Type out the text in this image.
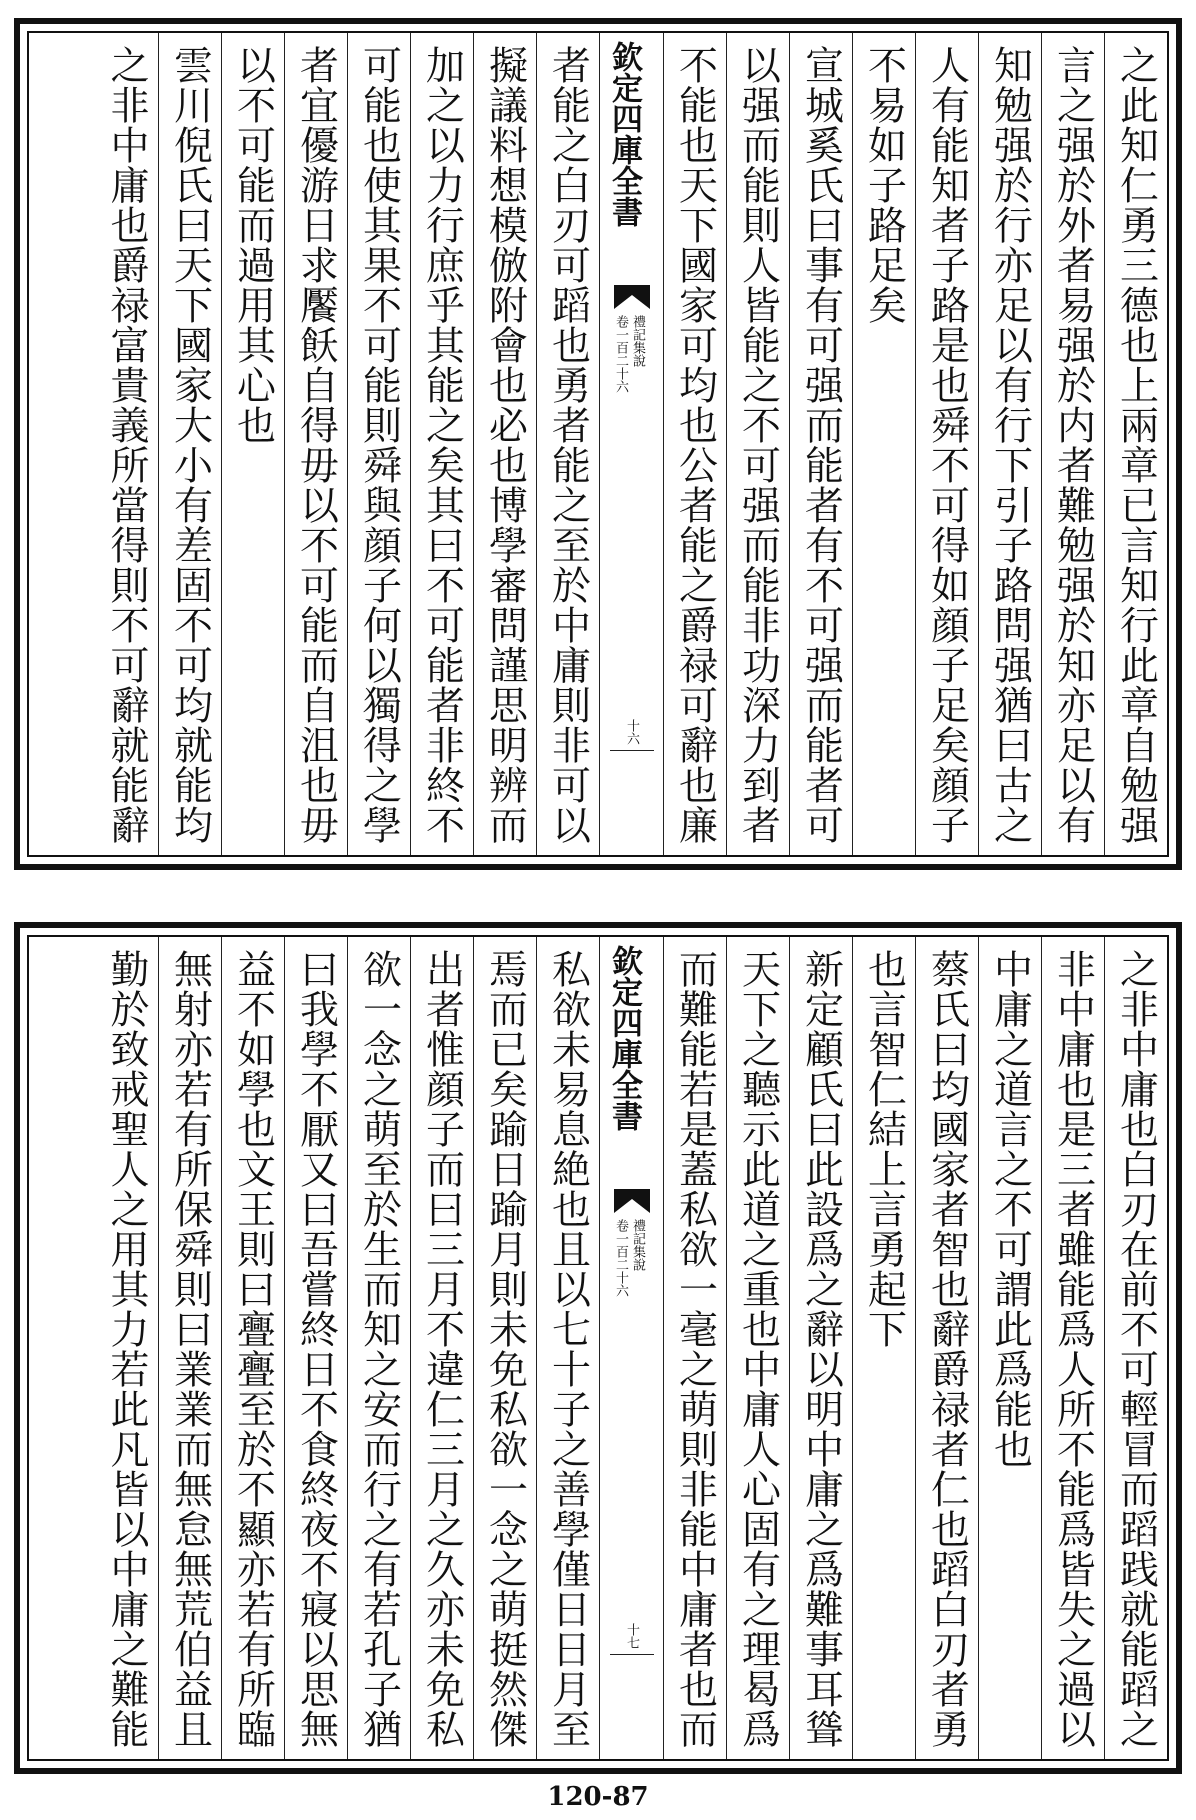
之此知仁勇三德也上兩章已言知行此章自勉强
言之强於外者易强於内者難勉强於知亦足以有
知勉强於行亦足以有行下引子路問强猶曰古之
人有能知者子路是也舜不可得如顔子足矣顔子
不易如子路足矣
宣城奚氏曰事有可强而能者有不可强而能者可
以强而能則人皆能之不可强而能非功深力到者
不能也天下國家可均也公者能之爵禄可辭也廉
欽定四庫全書
禮記集說
卷一百二十六
十六
者能之白刃可蹈也勇者能之至於中庸則非可以
擬議料想模倣附會也必也博學審問謹思明辨而
加之以力行庶乎其能之矣其曰不可能者非終不
可能也使其果不可能則舜與顔子何以獨得之學
者宜優游日求饜飫自得毋以不可能而自沮也毋
以不可能而過用其心也
雲川倪氏曰天下國家大小有差固不可均就能均
之非中庸也爵禄富貴義所當得則不可辭就能辭
之非中庸也白刃在前不可輕冒而蹈践就能蹈之
非中庸也是三者雖能爲人所不能爲皆失之過以
中庸之道言之不可謂此爲能也
蔡氏曰均國家者智也辭爵禄者仁也蹈白刃者勇
也言智仁結上言勇起下
新定顧氏曰此設爲之辭以明中庸之爲難事耳聳
天下之聽示此道之重也中庸人心固有之理曷爲
而難能若是蓋私欲一毫之萌則非能中庸者也而
欽定四庫全書
禮記集說
卷一百二十六
十七
私欲未易息絶也且以七十子之善學僅日日月至
焉而已矣踰日踰月則未免私欲一念之萌挺然傑
出者惟顔子而曰三月不違仁三月之久亦未免私
欲一念之萌至於生而知之安而行之有若孔子猶
曰我學不厭又曰吾嘗終日不食終夜不寢以思無
益不如學也文王則曰亹亹至於不顯亦若有所臨
無射亦若有所保舜則曰業業而無怠無荒伯益且
勤於致戒聖人之用其力若此凡皆以中庸之難能
120-87
